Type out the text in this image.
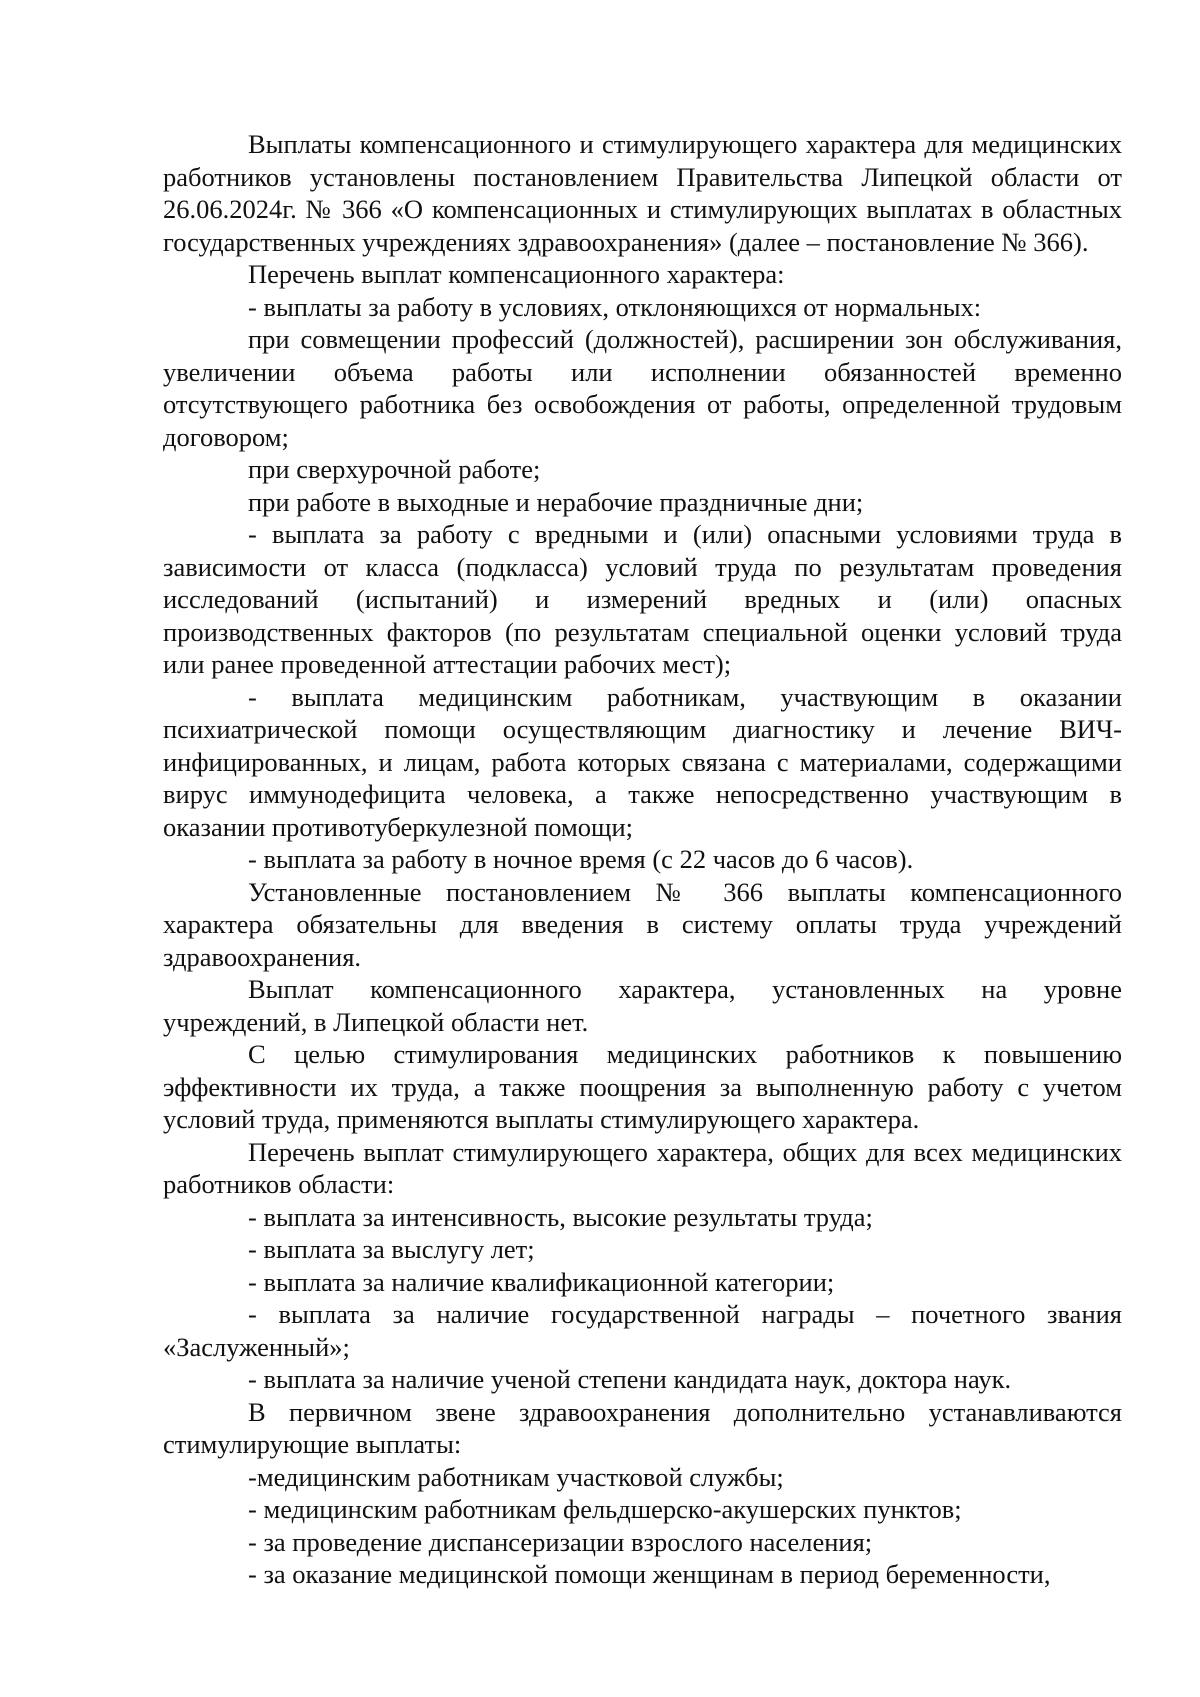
Выплаты компенсационного и стимулирующего характера для медицинских работников установлены постановлением Правительства Липецкой области от 26.06.2024г. № 366 «О компенсационных и стимулирующих выплатах в областных государственных учреждениях здравоохранения» (далее – постановление № 366).

Перечень выплат компенсационного характера:

- выплаты за работу в условиях, отклоняющихся от нормальных:

при совмещении профессий (должностей), расширении зон обслуживания, увеличении объема работы или исполнении обязанностей временно отсутствующего работника без освобождения от работы, определенной трудовым договором;

при сверхурочной работе;

при работе в выходные и нерабочие праздничные дни;

- выплата за работу с вредными и (или) опасными условиями труда в зависимости от класса (подкласса) условий труда по результатам проведения исследований (испытаний) и измерений вредных и (или) опасных производственных факторов (по результатам специальной оценки условий труда или ранее проведенной аттестации рабочих мест);

- выплата медицинским работникам, участвующим в оказании психиатрической помощи осуществляющим диагностику и лечение ВИЧ-инфицированных, и лицам, работа которых связана с материалами, содержащими вирус иммунодефицита человека, а также непосредственно участвующим в оказании противотуберкулезной помощи;

- выплата за работу в ночное время (с 22 часов до 6 часов).

Установленные постановлением № 366 выплаты компенсационного характера обязательны для введения в систему оплаты труда учреждений здравоохранения.

Выплат компенсационного характера, установленных на уровне учреждений, в Липецкой области нет.

С целью стимулирования медицинских работников к повышению эффективности их труда, а также поощрения за выполненную работу с учетом условий труда, применяются выплаты стимулирующего характера.

Перечень выплат стимулирующего характера, общих для всех медицинских работников области:

- выплата за интенсивность, высокие результаты труда;

- выплата за выслугу лет;

- выплата за наличие квалификационной категории;

- выплата за наличие государственной награды – почетного звания «Заслуженный»;

- выплата за наличие ученой степени кандидата наук, доктора наук.

В первичном звене здравоохранения дополнительно устанавливаются стимулирующие выплаты:

-медицинским работникам участковой службы;

- медицинским работникам фельдшерско-акушерских пунктов;

- за проведение диспансеризации взрослого населения;

- за оказание медицинской помощи женщинам в период беременности,
